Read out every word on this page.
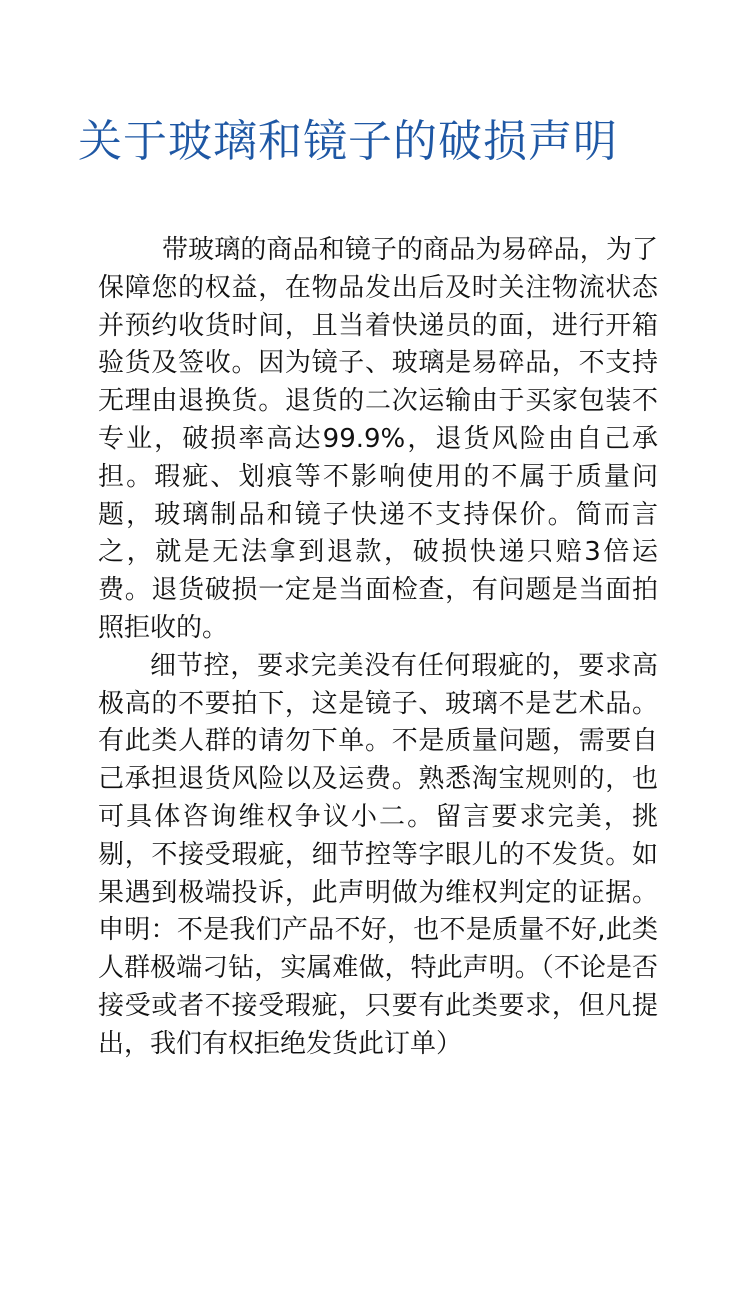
关于玻璃和镜子的破损声明

带玻璃的商品和镜子的商品为易碎品，为了保障您的权益，在物品发出后及时关注物流状态并预约收货时间，且当着快递员的面，进行开箱验货及签收。因为镜子、玻璃是易碎品，不支持无理由退换货。退货的二次运输由于买家包装不专业，破损率高达99.9%，退货风险由自己承担。瑕疵、划痕等不影响使用的不属于质量问题，玻璃制品和镜子快递不支持保价。简而言之，就是无法拿到退款，破损快递只赔3倍运费。退货破损一定是当面检查，有问题是当面拍照拒收的。

细节控，要求完美没有任何瑕疵的，要求高极高的不要拍下，这是镜子、玻璃不是艺术品。有此类人群的请勿下单。不是质量问题，需要自己承担退货风险以及运费。熟悉淘宝规则的，也可具体咨询维权争议小二。留言要求完美，挑剔，不接受瑕疵，细节控等字眼儿的不发货。如果遇到极端投诉，此声明做为维权判定的证据。申明：不是我们产品不好，也不是质量不好,此类人群极端刁钻，实属难做，特此声明。（不论是否接受或者不接受瑕疵，只要有此类要求，但凡提出，我们有权拒绝发货此订单）
